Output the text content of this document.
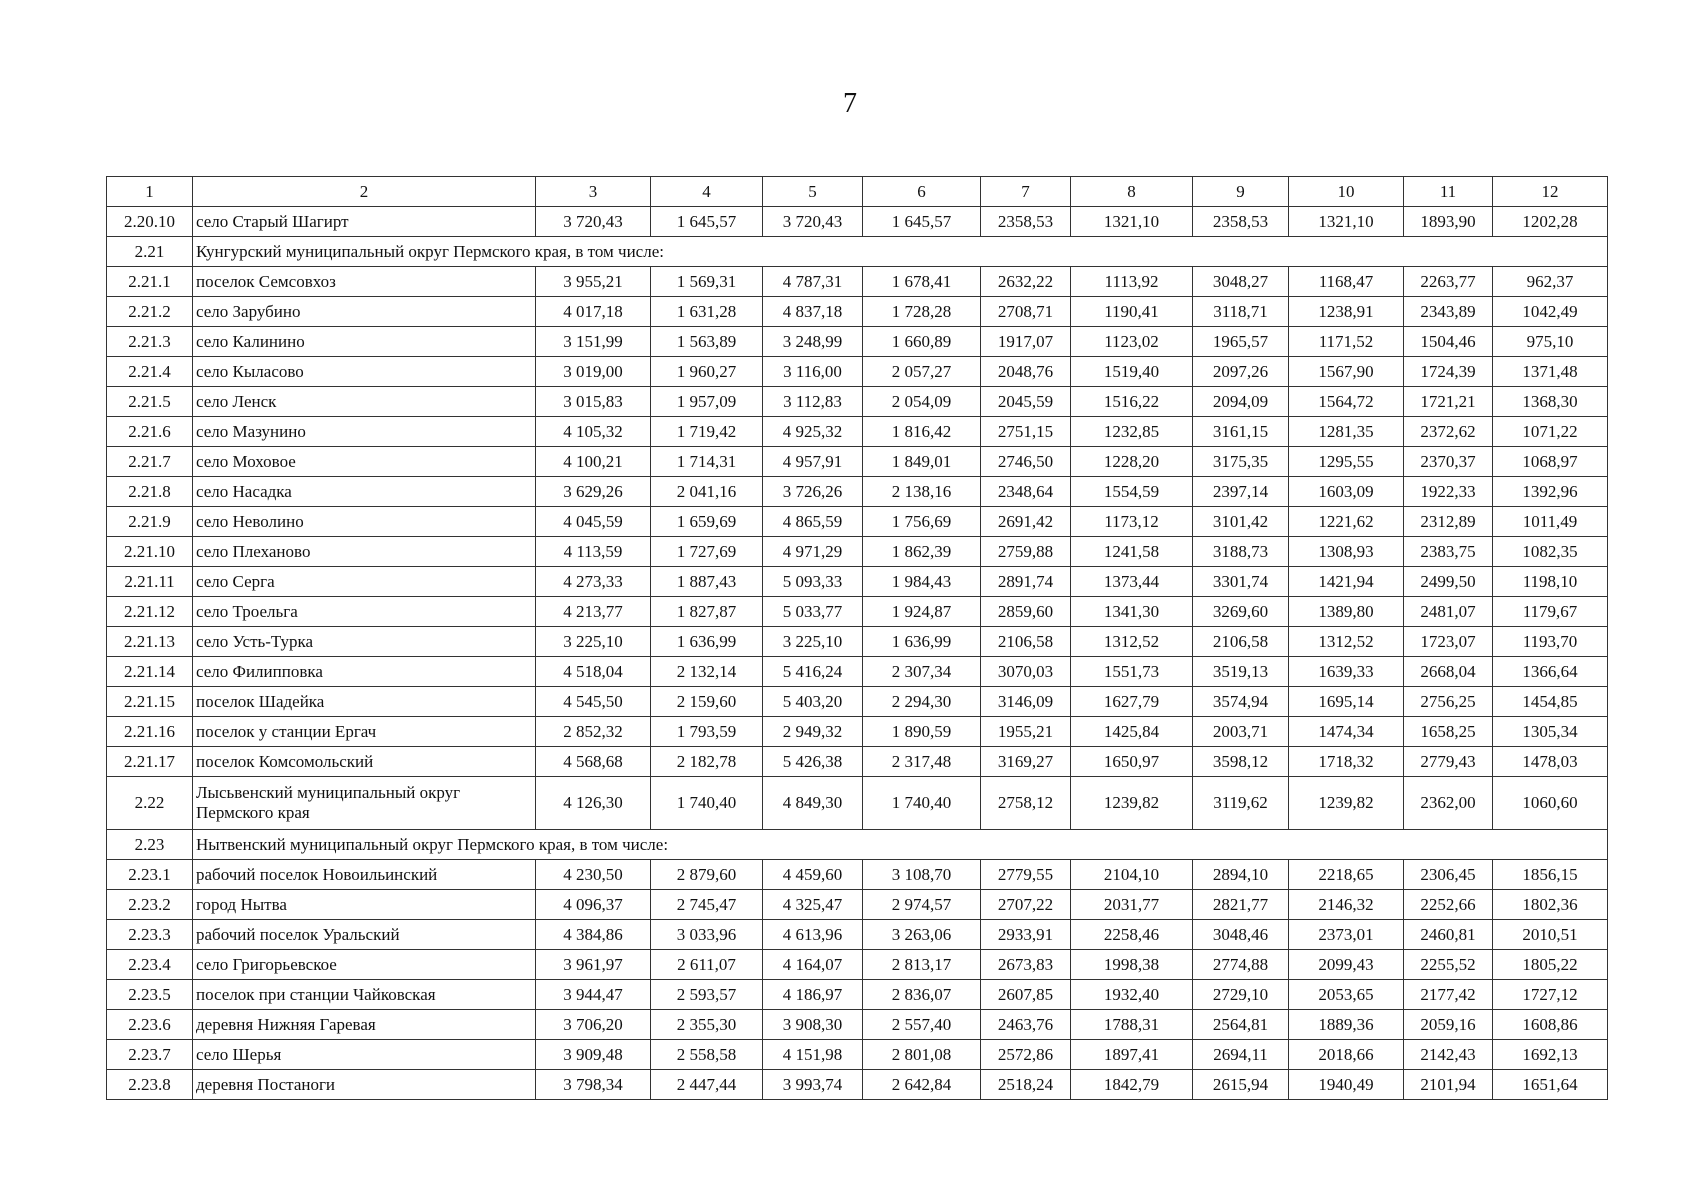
7
1	2	3	4	5	6	7	8	9	10	11	12
2.20.10	село Старый Шагирт	3 720,43	1 645,57	3 720,43	1 645,57	2358,53	1321,10	2358,53	1321,10	1893,90	1202,28
2.21	Кунгурский муниципальный округ Пермского края, в том числе:										
2.21.1	поселок Семсовхоз	3 955,21	1 569,31	4 787,31	1 678,41	2632,22	1113,92	3048,27	1168,47	2263,77	962,37
2.21.2	село Зарубино	4 017,18	1 631,28	4 837,18	1 728,28	2708,71	1190,41	3118,71	1238,91	2343,89	1042,49
2.21.3	село Калинино	3 151,99	1 563,89	3 248,99	1 660,89	1917,07	1123,02	1965,57	1171,52	1504,46	975,10
2.21.4	село Кыласово	3 019,00	1 960,27	3 116,00	2 057,27	2048,76	1519,40	2097,26	1567,90	1724,39	1371,48
2.21.5	село Ленск	3 015,83	1 957,09	3 112,83	2 054,09	2045,59	1516,22	2094,09	1564,72	1721,21	1368,30
2.21.6	село Мазунино	4 105,32	1 719,42	4 925,32	1 816,42	2751,15	1232,85	3161,15	1281,35	2372,62	1071,22
2.21.7	село Моховое	4 100,21	1 714,31	4 957,91	1 849,01	2746,50	1228,20	3175,35	1295,55	2370,37	1068,97
2.21.8	село Насадка	3 629,26	2 041,16	3 726,26	2 138,16	2348,64	1554,59	2397,14	1603,09	1922,33	1392,96
2.21.9	село Неволино	4 045,59	1 659,69	4 865,59	1 756,69	2691,42	1173,12	3101,42	1221,62	2312,89	1011,49
2.21.10	село Плеханово	4 113,59	1 727,69	4 971,29	1 862,39	2759,88	1241,58	3188,73	1308,93	2383,75	1082,35
2.21.11	село Серга	4 273,33	1 887,43	5 093,33	1 984,43	2891,74	1373,44	3301,74	1421,94	2499,50	1198,10
2.21.12	село Троельга	4 213,77	1 827,87	5 033,77	1 924,87	2859,60	1341,30	3269,60	1389,80	2481,07	1179,67
2.21.13	село Усть-Турка	3 225,10	1 636,99	3 225,10	1 636,99	2106,58	1312,52	2106,58	1312,52	1723,07	1193,70
2.21.14	село Филипповка	4 518,04	2 132,14	5 416,24	2 307,34	3070,03	1551,73	3519,13	1639,33	2668,04	1366,64
2.21.15	поселок Шадейка	4 545,50	2 159,60	5 403,20	2 294,30	3146,09	1627,79	3574,94	1695,14	2756,25	1454,85
2.21.16	поселок у станции Ергач	2 852,32	1 793,59	2 949,32	1 890,59	1955,21	1425,84	2003,71	1474,34	1658,25	1305,34
2.21.17	поселок Комсомольский	4 568,68	2 182,78	5 426,38	2 317,48	3169,27	1650,97	3598,12	1718,32	2779,43	1478,03
2.22	Лысьвенский муниципальный округ Пермского края	4 126,30	1 740,40	4 849,30	1 740,40	2758,12	1239,82	3119,62	1239,82	2362,00	1060,60
2.23	Нытвенский муниципальный округ Пермского края, в том числе:										
2.23.1	рабочий поселок Новоильинский	4 230,50	2 879,60	4 459,60	3 108,70	2779,55	2104,10	2894,10	2218,65	2306,45	1856,15
2.23.2	город Нытва	4 096,37	2 745,47	4 325,47	2 974,57	2707,22	2031,77	2821,77	2146,32	2252,66	1802,36
2.23.3	рабочий поселок Уральский	4 384,86	3 033,96	4 613,96	3 263,06	2933,91	2258,46	3048,46	2373,01	2460,81	2010,51
2.23.4	село Григорьевское	3 961,97	2 611,07	4 164,07	2 813,17	2673,83	1998,38	2774,88	2099,43	2255,52	1805,22
2.23.5	поселок при станции Чайковская	3 944,47	2 593,57	4 186,97	2 836,07	2607,85	1932,40	2729,10	2053,65	2177,42	1727,12
2.23.6	деревня Нижняя Гаревая	3 706,20	2 355,30	3 908,30	2 557,40	2463,76	1788,31	2564,81	1889,36	2059,16	1608,86
2.23.7	село Шерья	3 909,48	2 558,58	4 151,98	2 801,08	2572,86	1897,41	2694,11	2018,66	2142,43	1692,13
2.23.8	деревня Постаноги	3 798,34	2 447,44	3 993,74	2 642,84	2518,24	1842,79	2615,94	1940,49	2101,94	1651,64
